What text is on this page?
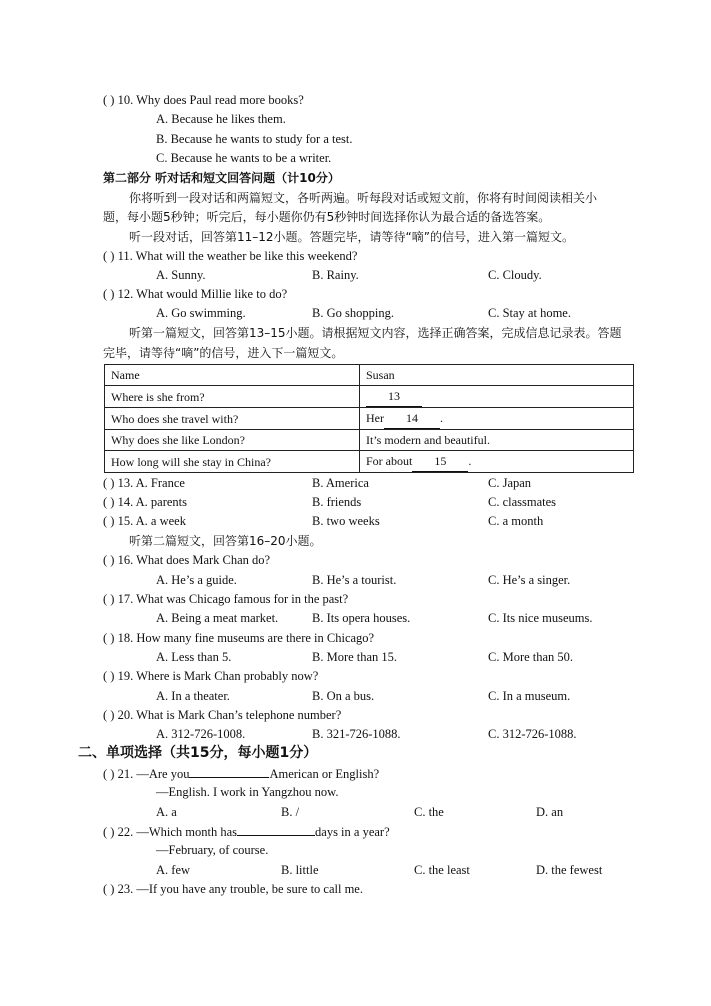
( ) 10. Why does Paul read more books?
A. Because he likes them.
B. Because he wants to study for a test.
C. Because he wants to be a writer.
第二部分 听对话和短文回答问题（计10分）
你将听到一段对话和两篇短文，各听两遍。听每段对话或短文前，你将有时间阅读相关小
题，每小题5秒钟；听完后，每小题你仍有5秒钟时间选择你认为最合适的备选答案。
听一段对话，回答第11–12小题。答题完毕，请等待“嘀”的信号，进入第一篇短文。
( ) 11. What will the weather be like this weekend?
A. Sunny.	B. Rainy.	C. Cloudy.
( ) 12. What would Millie like to do?
A. Go swimming.	B. Go shopping.	C. Stay at home.
听第一篇短文，回答第13–15小题。请根据短文内容，选择正确答案，完成信息记录表。答题
完毕，请等待“嘀”的信号，进入下一篇短文。
Name	Susan
Where is she from?	13
Who does she travel with?	Her 14 .
Why does she like London?	It’s modern and beautiful.
How long will she stay in China?	For about 15 .
( ) 13. A. France	B. America	C. Japan
( ) 14. A. parents	B. friends	C. classmates
( ) 15. A. a week	B. two weeks	C. a month
听第二篇短文，回答第16–20小题。
( ) 16. What does Mark Chan do?
A. He’s a guide.	B. He’s a tourist.	C. He’s a singer.
( ) 17. What was Chicago famous for in the past?
A. Being a meat market.	B. Its opera houses.	C. Its nice museums.
( ) 18. How many fine museums are there in Chicago?
A. Less than 5.	B. More than 15.	C. More than 50.
( ) 19. Where is Mark Chan probably now?
A. In a theater.	B. On a bus.	C. In a museum.
( ) 20. What is Mark Chan’s telephone number?
A. 312-726-1008.	B. 321-726-1088.	C. 312-726-1088.
二、单项选择（共15分，每小题1分）
( ) 21. —Are you	American or English?
—English. I work in Yangzhou now.
A. a	B. /	C. the	D. an
( ) 22. —Which month has	days in a year?
—February, of course.
A. few	B. little	C. the least	D. the fewest
( ) 23. —If you have any trouble, be sure to call me.
